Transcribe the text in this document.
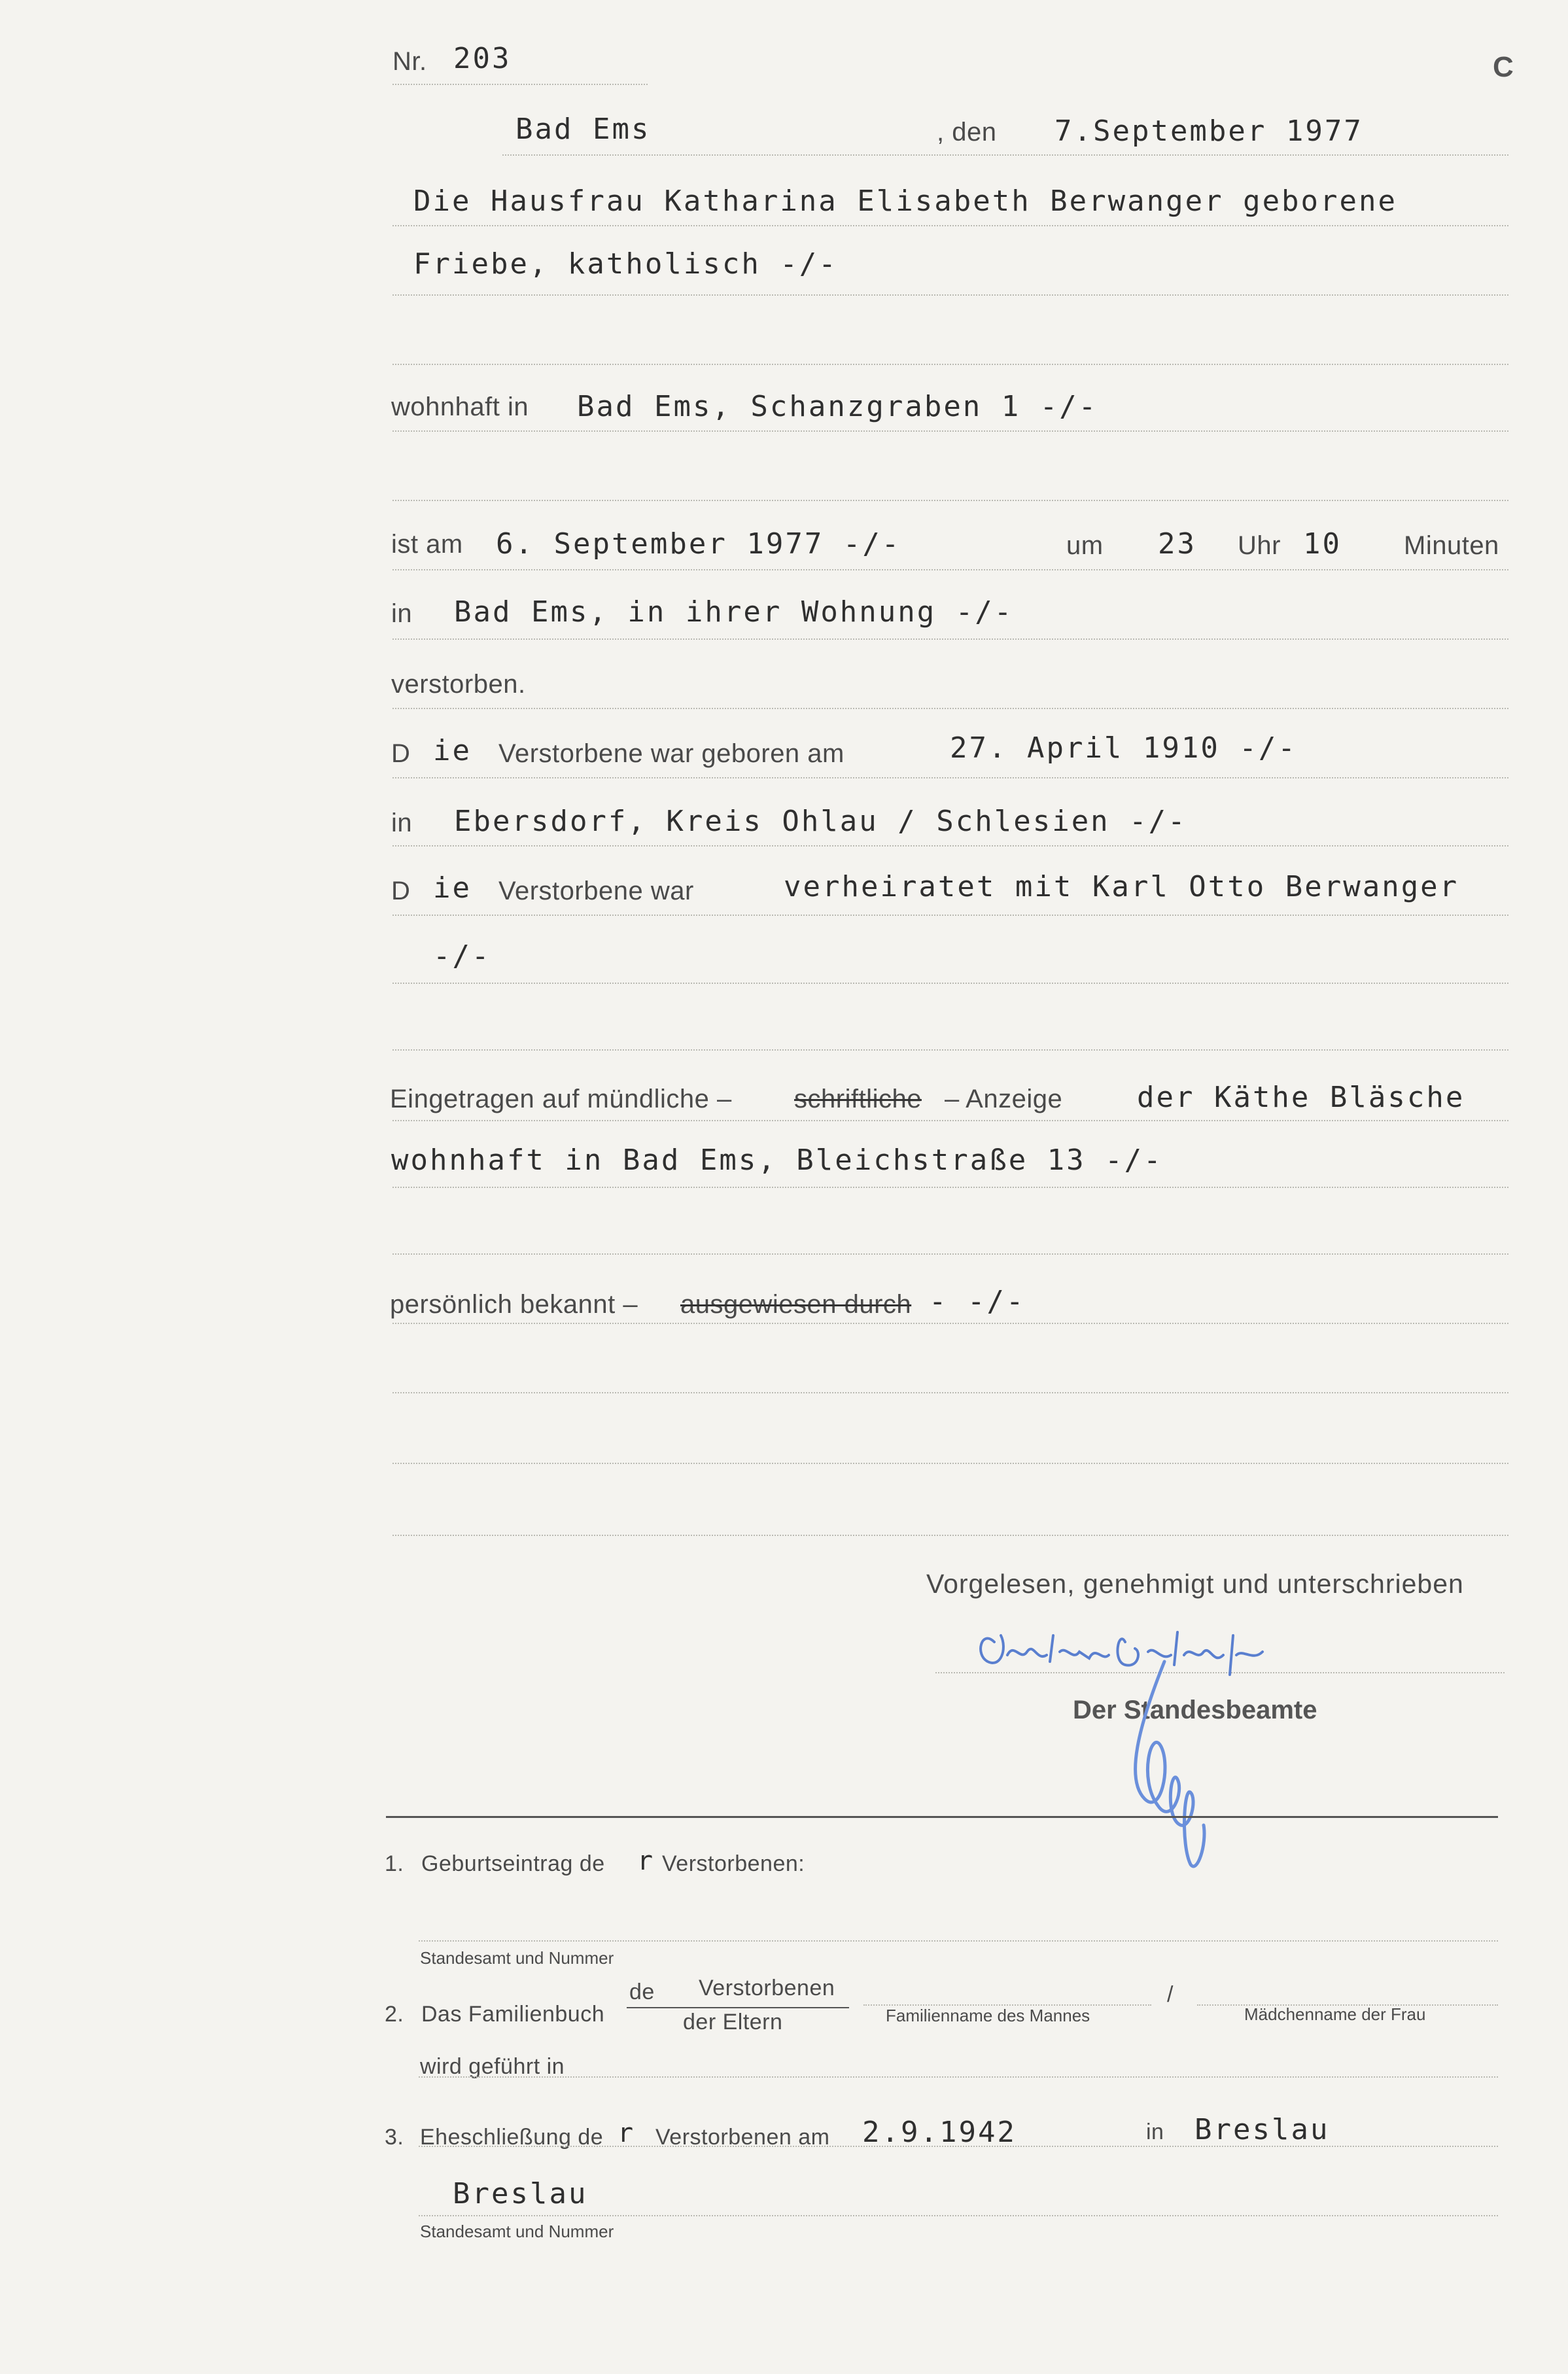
C
Nr. 203
Bad Ems	, den 7.September 1977
Die Hausfrau Katharina Elisabeth Berwanger geborene
Friebe, katholisch -/-
wohnhaft in Bad Ems, Schanzgraben 1 -/-
ist am 6. September 1977 -/-	um 23 Uhr 10 Minuten
in Bad Ems, in ihrer Wohnung -/-
verstorben.
D ie Verstorbene war geboren am	27. April 1910 -/-
in Ebersdorf, Kreis Ohlau / Schlesien -/-
D ie Verstorbene war	verheiratet mit Karl Otto Berwanger
-/-
Eingetragen auf mündliche – schriftliche – Anzeige	der Käthe Bläsche
wohnhaft in Bad Ems, Bleichstraße 13 -/-
persönlich bekannt – ausgewiesen durch - -/-
Vorgelesen, genehmigt und unterschrieben
Der Standesbeamte
1. Geburtseintrag de r Verstorbenen:
Standesamt und Nummer
2. Das Familienbuch
de Verstorbenen
der Eltern	Familienname des Mannes
/
Mädchenname der Frau
wird geführt in
3. Eheschließung de r Verstorbenen am 2.9.1942	in Breslau
Breslau
Standesamt und Nummer
